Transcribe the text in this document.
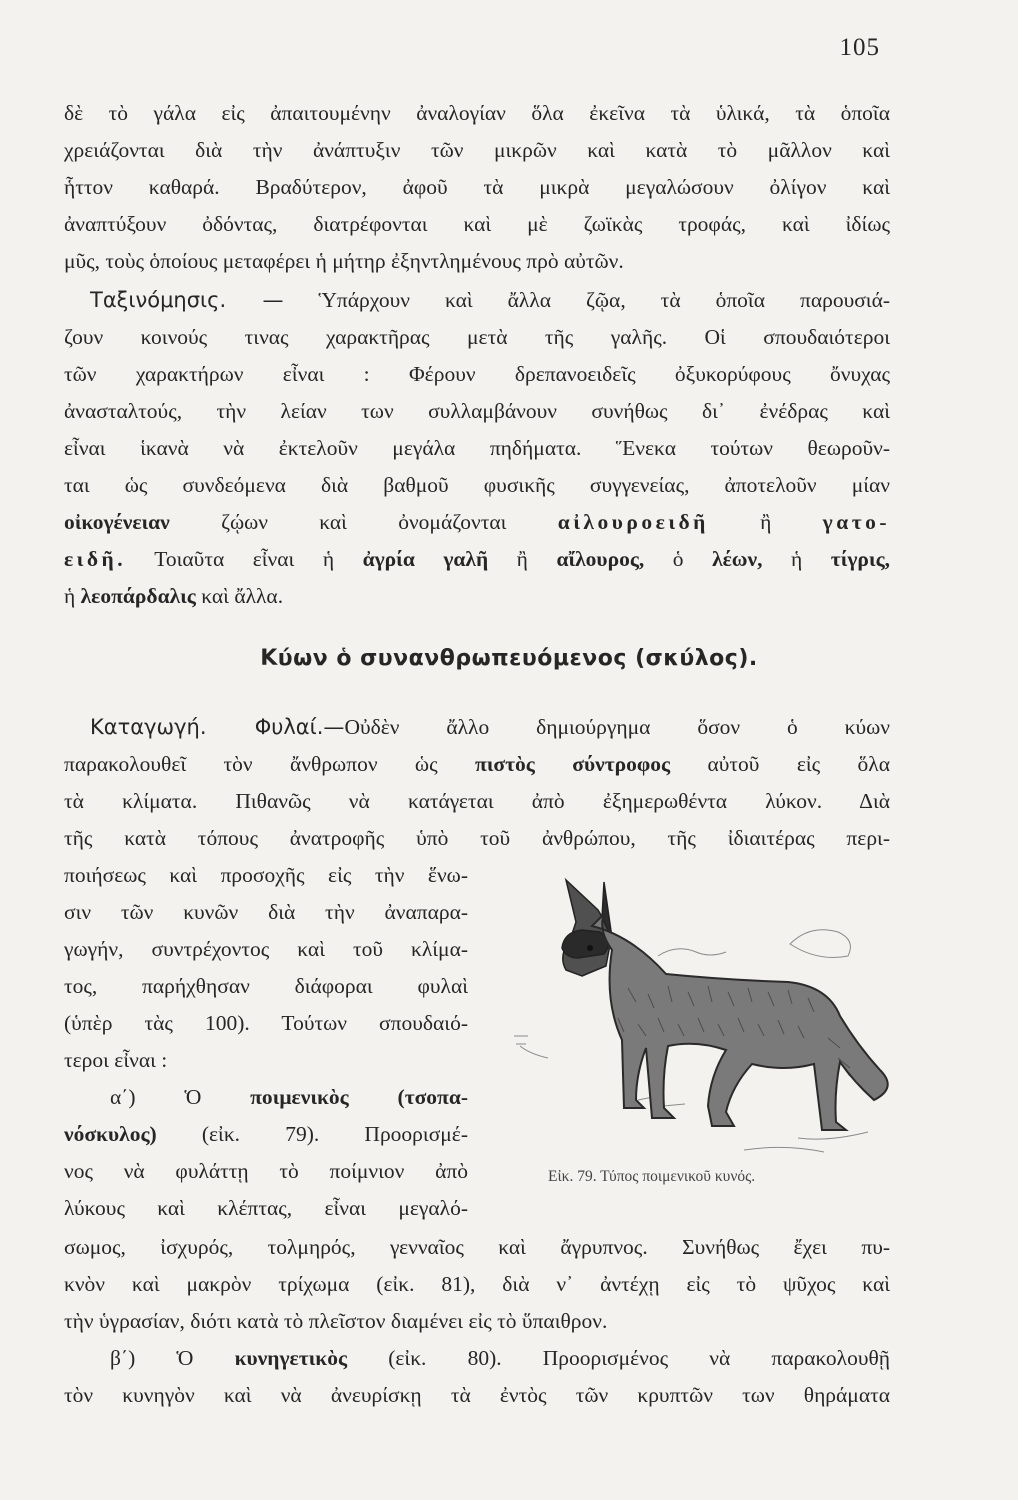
105
δὲ τὸ γάλα εἰς ἀπαιτουμένην ἀναλογίαν ὅλα ἐκεῖνα τὰ ὑλικά, τὰ ὁποῖα
χρειάζονται διὰ τὴν ἀνάπτυξιν τῶν μικρῶν καὶ κατὰ τὸ μᾶλλον καὶ
ἧττον καθαρά. Βραδύτερον, ἀφοῦ τὰ μικρὰ μεγαλώσουν ὀλίγον καὶ
ἀναπτύξουν ὀδόντας, διατρέφονται καὶ μὲ ζωϊκὰς τροφάς, καὶ ἰδίως
μῦς, τοὺς ὁποίους μεταφέρει ἡ μήτηρ ἐξηντλημένους πρὸ αὐτῶν.
Ταξινόμησις. — Ὑπάρχουν καὶ ἄλλα ζῷα, τὰ ὁποῖα παρουσιά-
ζουν κοινούς τινας χαρακτῆρας μετὰ τῆς γαλῆς. Οἱ σπουδαιότεροι
τῶν χαρακτήρων εἶναι : Φέρουν δρεπανοειδεῖς ὀξυκορύφους ὄνυχας
ἀνασταλτούς, τὴν λείαν των συλλαμβάνουν συνήθως δι᾿ ἐνέδρας καὶ
εἶναι ἱκανὰ νὰ ἐκτελοῦν μεγάλα πηδήματα. Ἕνεκα τούτων θεωροῦν-
ται ὡς συνδεόμενα διὰ βαθμοῦ φυσικῆς συγγενείας, ἀποτελοῦν μίαν
οἰκογένειαν ζῴων καὶ ὀνομάζονται αἰλουροειδῆ ἢ γατο-
ειδῆ. Τοιαῦτα εἶναι ἡ ἀγρία γαλῆ ἢ αἴλουρος, ὁ λέων, ἡ τίγρις,
ἡ λεοπάρδαλις καὶ ἄλλα.
Κύων ὁ συνανθρωπευόμενος (σκύλος).
Καταγωγή. Φυλαί.—Οὐδὲν ἄλλο δημιούργημα ὅσον ὁ κύων
παρακολουθεῖ τὸν ἄνθρωπον ὡς πιστὸς σύντροφος αὐτοῦ εἰς ὅλα
τὰ κλίματα. Πιθανῶς νὰ κατάγεται ἀπὸ ἐξημερωθέντα λύκον. Διὰ
τῆς κατὰ τόπους ἀνατροφῆς ὑπὸ τοῦ ἀνθρώπου, τῆς ἰδιαιτέρας περι-
ποιήσεως καὶ προσοχῆς εἰς τὴν ἕνω-
σιν τῶν κυνῶν διὰ τὴν ἀναπαρα-
γωγήν, συντρέχοντος καὶ τοῦ κλίμα-
τος, παρήχθησαν διάφοραι φυλαὶ
(ὑπὲρ τὰς 100). Τούτων σπουδαιό-
τεροι εἶναι :
α΄) Ὁ ποιμενικὸς (τσοπα-
νόσκυλος) (εἰκ. 79). Προορισμέ-
νος νὰ φυλάττῃ τὸ ποίμνιον ἀπὸ
λύκους καὶ κλέπτας, εἶναι μεγαλό-
σωμος, ἰσχυρός, τολμηρός, γενναῖος καὶ ἄγρυπνος. Συνήθως ἔχει πυ-
κνὸν καὶ μακρὸν τρίχωμα (εἰκ. 81), διὰ ν᾿ ἀντέχῃ εἰς τὸ ψῦχος καὶ
τὴν ὑγρασίαν, διότι κατὰ τὸ πλεῖστον διαμένει εἰς τὸ ὕπαιθρον.
β΄) Ὁ κυνηγετικὸς (εἰκ. 80). Προορισμένος νὰ παρακολουθῇ
τὸν κυνηγὸν καὶ νὰ ἀνευρίσκῃ τὰ ἐντὸς τῶν κρυπτῶν των θηράματα
Εἰκ. 79. Τύπος ποιμενικοῦ κυνός.
